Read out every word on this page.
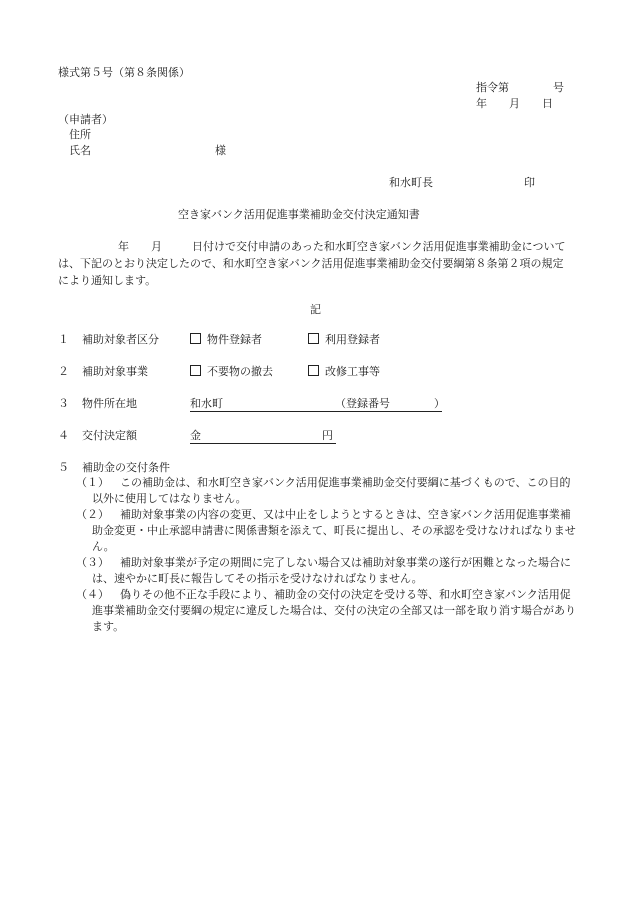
様式第５号（第８条関係）
指令第　　　　号
年　　月　　日
（申請者）
住所
氏名	様
和水町長	印
空き家バンク活用促進事業補助金交付決定通知書
年　　月	日付けで交付申請のあった和水町空き家バンク活用促進事業補助金については、下記のとおり決定したので、和水町空き家バンク活用促進事業補助金交付要綱第８条第２項の規定により通知します。
記
１ 補助対象者区分	物件登録者	利用登録者
２ 補助対象事業	不要物の撤去	改修工事等
３ 物件所在地	和水町	（登録番号　　　　）
４ 交付決定額	金	円
５ 補助金の交付条件
（１）	この補助金は、和水町空き家バンク活用促進事業補助金交付要綱に基づくもので、この目的以外に使用してはなりません。
（２）	補助対象事業の内容の変更、又は中止をしようとするときは、空き家バンク活用促進事業補助金変更・中止承認申請書に関係書類を添えて、町長に提出し、その承認を受けなければなりません。
（３）	補助対象事業が予定の期間に完了しない場合又は補助対象事業の遂行が困難となった場合には、速やかに町長に報告してその指示を受けなければなりません。
（４）	偽りその他不正な手段により、補助金の交付の決定を受ける等、和水町空き家バンク活用促進事業補助金交付要綱の規定に違反した場合は、交付の決定の全部又は一部を取り消す場合があります。
